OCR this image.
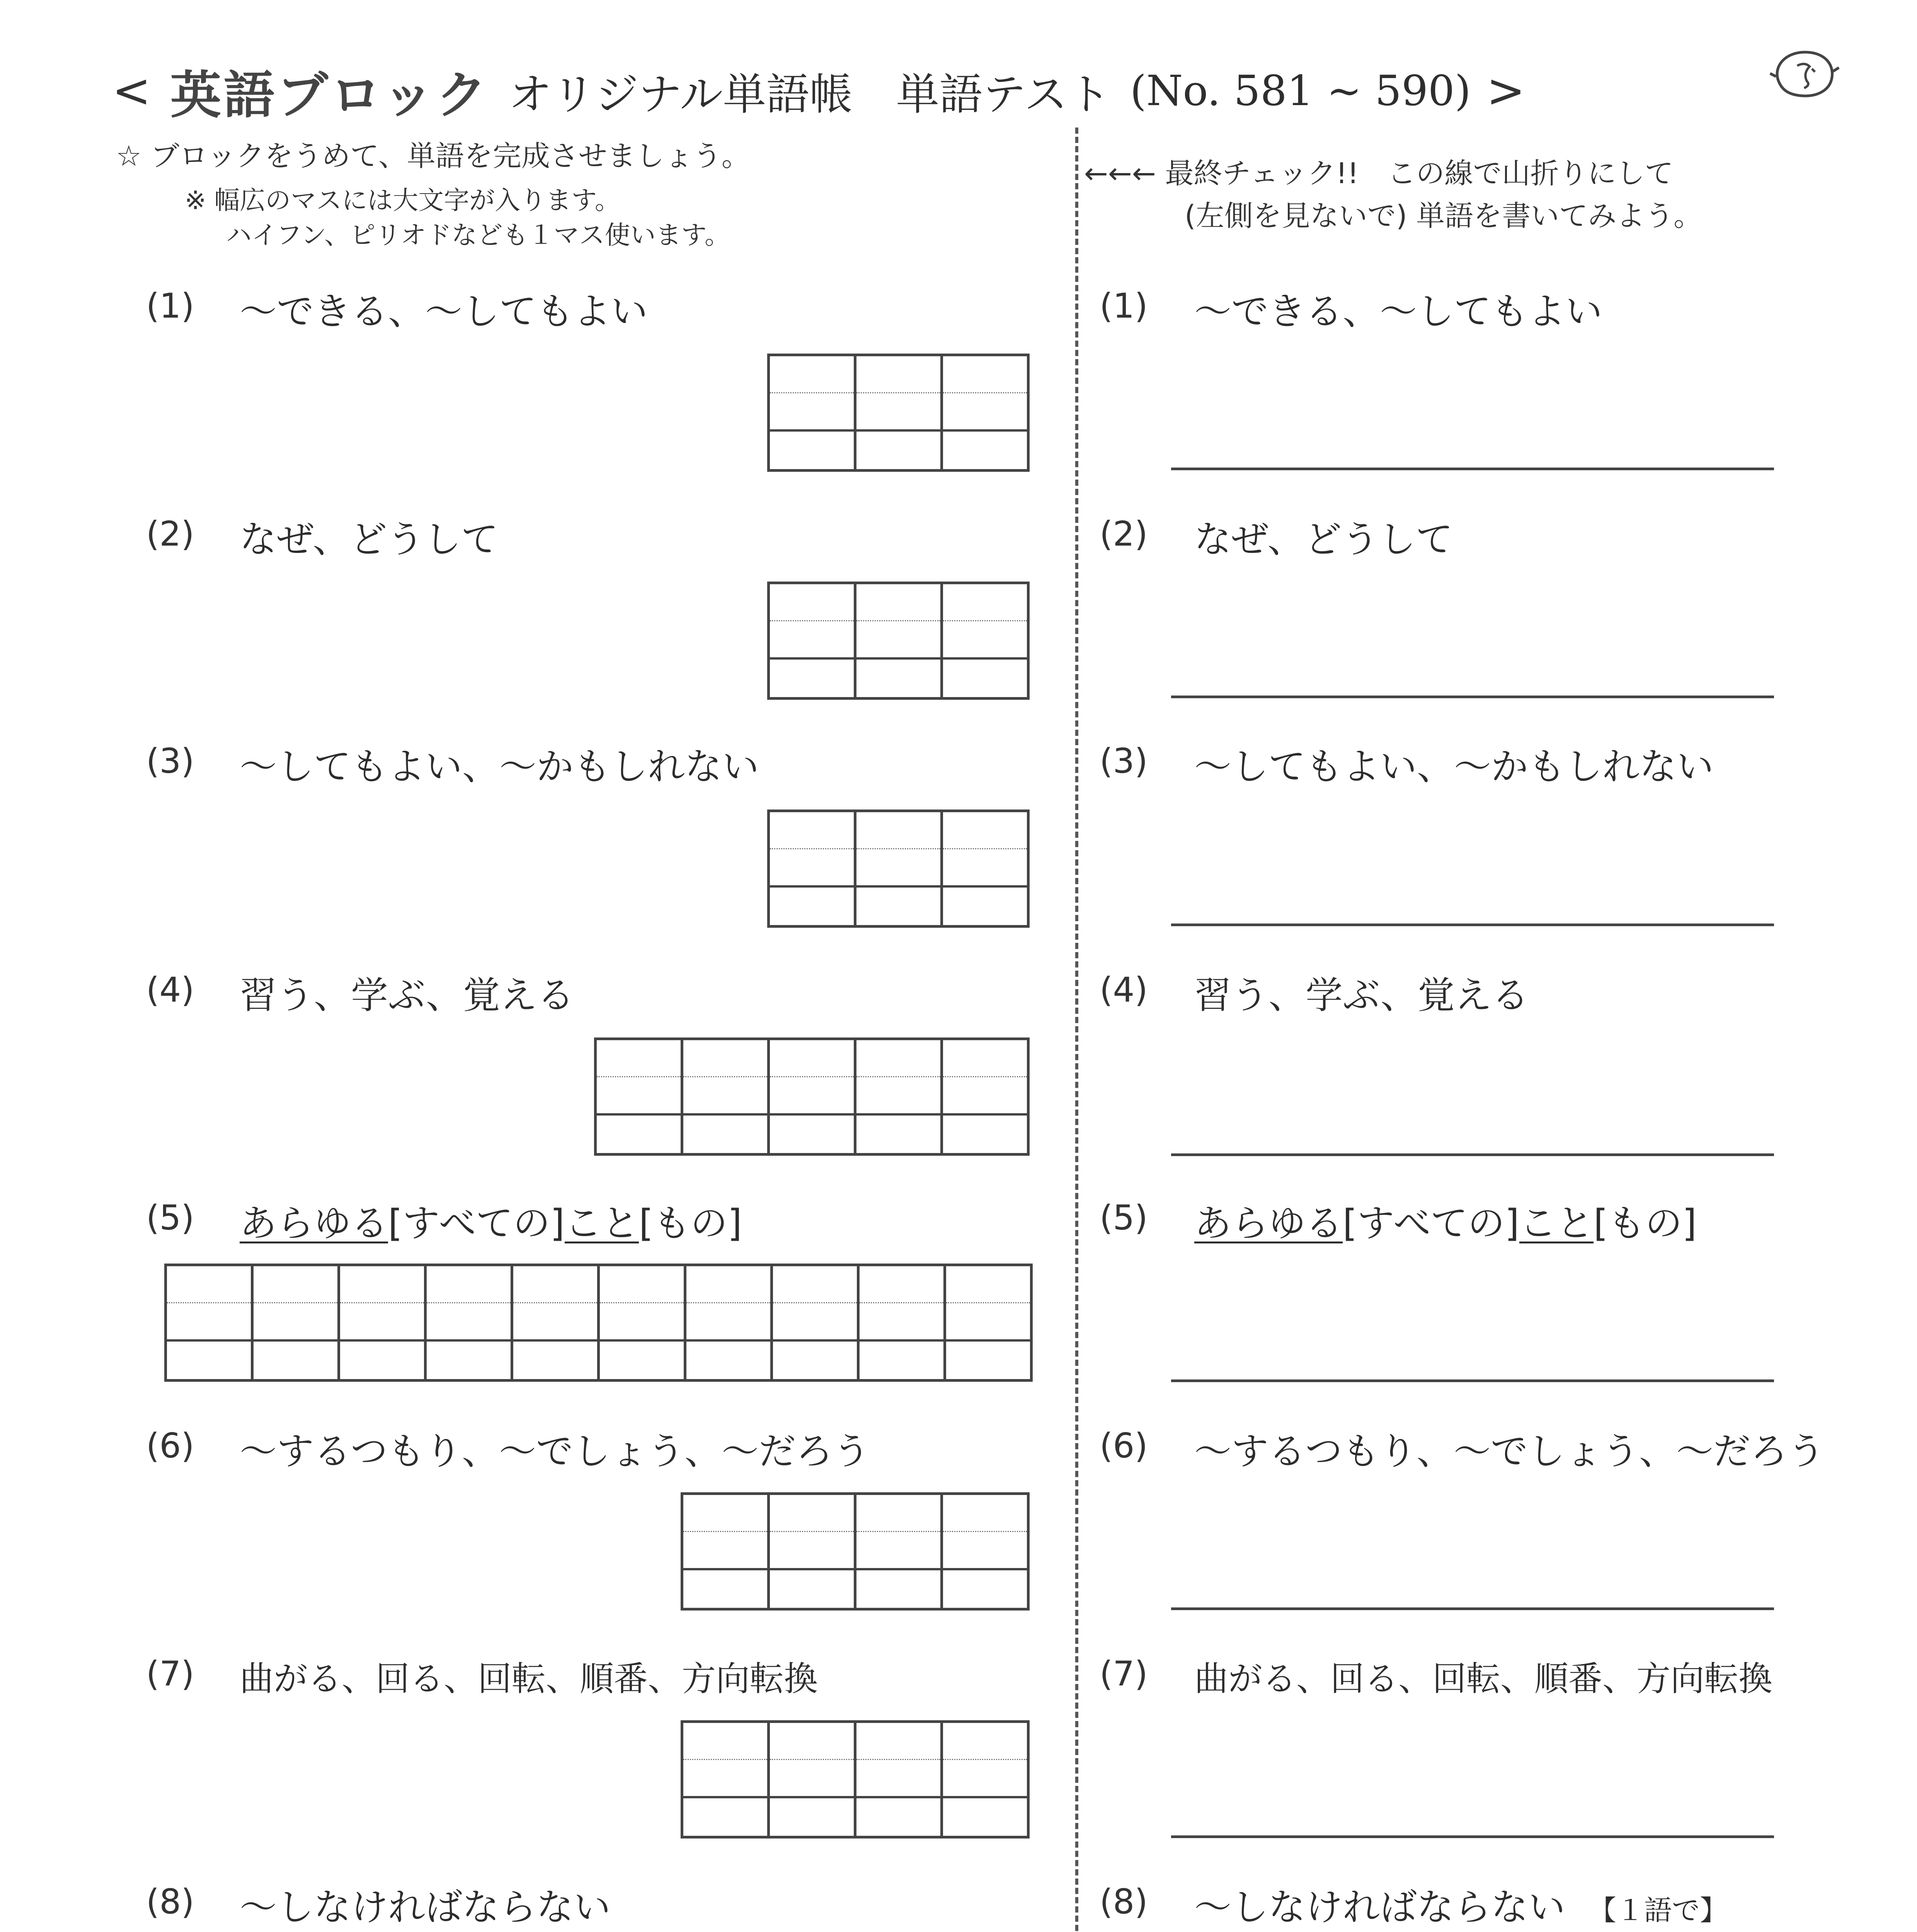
< 英語ブロック オリジナル単語帳　単語テスト (No. 581 ~ 590) >
☆ ブロックをうめて、単語を完成させましょう。
※ 幅広のマスには大文字が入ります。
ハイフン、ピリオドなども１マス使います。
←←← 最終チェック!!　この線で山折りにして
(左側を見ないで) 単語を書いてみよう。
(1) ～できる、～してもよい	(1) ～できる、～してもよい
(2) なぜ、どうして	(2) なぜ、どうして
(3) ～してもよい、～かもしれない	(3) ～してもよい、～かもしれない
(4) 習う、学ぶ、覚える	(4) 習う、学ぶ、覚える
(5) あらゆる[すべての]こと[もの]	(5) あらゆる[すべての]こと[もの]
(6) ～するつもり、～でしょう、～だろう	(6) ～するつもり、～でしょう、～だろう
(7) 曲がる、回る、回転、順番、方向転換	(7) 曲がる、回る、回転、順番、方向転換
(8) ～しなければならない	(8) ～しなければならない 【１語で】
